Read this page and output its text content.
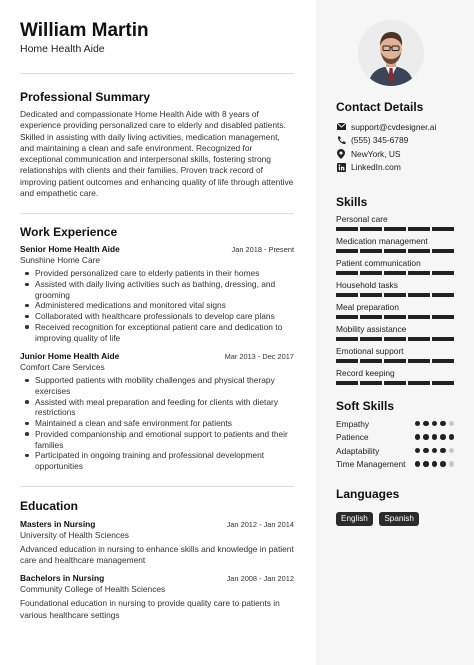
William Martin
Home Health Aide
Professional Summary
Dedicated and compassionate Home Health Aide with 8 years of experience providing personalized care to elderly and disabled patients. Skilled in assisting with daily living activities, medication management, and maintaining a clean and safe environment. Recognized for exceptional communication and interpersonal skills, fostering strong relationships with clients and their families. Proven track record of improving patient outcomes and enhancing quality of life through attentive and empathetic care.
Work Experience
Senior Home Health Aide	Jan 2018 - Present
Sunshine Home Care
Provided personalized care to elderly patients in their homes
Assisted with daily living activities such as bathing, dressing, and grooming
Administered medications and monitored vital signs
Collaborated with healthcare professionals to develop care plans
Received recognition for exceptional patient care and dedication to improving quality of life
Junior Home Health Aide	Mar 2013 - Dec 2017
Comfort Care Services
Supported patients with mobility challenges and physical therapy exercises
Assisted with meal preparation and feeding for clients with dietary restrictions
Maintained a clean and safe environment for patients
Provided companionship and emotional support to patients and their families
Participated in ongoing training and professional development opportunities
Education
Masters in Nursing	Jan 2012 - Jan 2014
University of Health Sciences
Advanced education in nursing to enhance skills and knowledge in patient care and healthcare management
Bachelors in Nursing	Jan 2008 - Jan 2012
Community College of Health Sciences
Foundational education in nursing to provide quality care to patients in various healthcare settings
Contact Details
support@cvdesigner.ai
(555) 345-6789
NewYork, US
LinkedIn.com
Skills
Personal care
Medication management
Patient communication
Household tasks
Meal preparation
Mobility assistance
Emotional support
Record keeping
Soft Skills
Empathy
Patience
Adaptability
Time Management
Languages
English Spanish
